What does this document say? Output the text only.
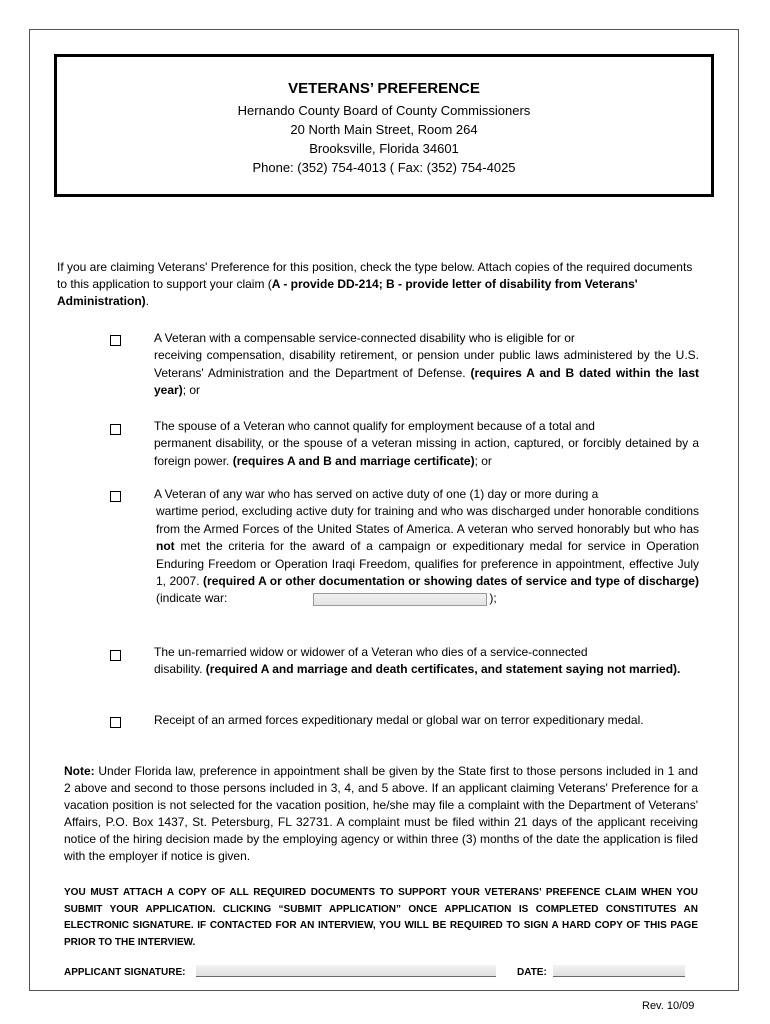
VETERANS’ PREFERENCE
Hernando County Board of County Commissioners
20 North Main Street, Room 264
Brooksville, Florida 34601
Phone: (352) 754-4013 ( Fax: (352) 754-4025
If you are claiming Veterans' Preference for this position, check the type below. Attach copies of the required documents to this application to support your claim (A - provide DD-214; B - provide letter of disability from Veterans' Administration).
A Veteran with a compensable service-connected disability who is eligible for or
receiving compensation, disability retirement, or pension under public laws administered by the U.S. Veterans' Administration and the Department of Defense. (requires A and B dated within the last year); or
The spouse of a Veteran who cannot qualify for employment because of a total and
permanent disability, or the spouse of a veteran missing in action, captured, or forcibly detained by a foreign power. (requires A and B and marriage certificate); or
A Veteran of any war who has served on active duty of one (1) day or more during a
wartime period, excluding active duty for training and who was discharged under honorable conditions from the Armed Forces of the United States of America. A veteran who served honorably but who has not met the criteria for the award of a campaign or expeditionary medal for service in Operation Enduring Freedom or Operation Iraqi Freedom, qualifies for preference in appointment, effective July 1, 2007. (required A or other documentation or showing dates of service and type of discharge) (indicate war:	);
The un-remarried widow or widower of a Veteran who dies of a service-connected
disability. (required A and marriage and death certificates, and statement saying not married).
Receipt of an armed forces expeditionary medal or global war on terror expeditionary medal.
Note: Under Florida law, preference in appointment shall be given by the State first to those persons included in 1 and 2 above and second to those persons included in 3, 4, and 5 above. If an applicant claiming Veterans' Preference for a vacation position is not selected for the vacation position, he/she may file a complaint with the Department of Veterans' Affairs, P.O. Box 1437, St. Petersburg, FL 32731. A complaint must be filed within 21 days of the applicant receiving notice of the hiring decision made by the employing agency or within three (3) months of the date the application is filed with the employer if notice is given.
YOU MUST ATTACH A COPY OF ALL REQUIRED DOCUMENTS TO SUPPORT YOUR VETERANS’ PREFENCE CLAIM WHEN YOU SUBMIT YOUR APPLICATION. CLICKING “SUBMIT APPLICATION” ONCE APPLICATION IS COMPLETED CONSTITUTES AN ELECTRONIC SIGNATURE. IF CONTACTED FOR AN INTERVIEW, YOU WILL BE REQUIRED TO SIGN A HARD COPY OF THIS PAGE PRIOR TO THE INTERVIEW.
APPLICANT SIGNATURE:	DATE:
Rev. 10/09
